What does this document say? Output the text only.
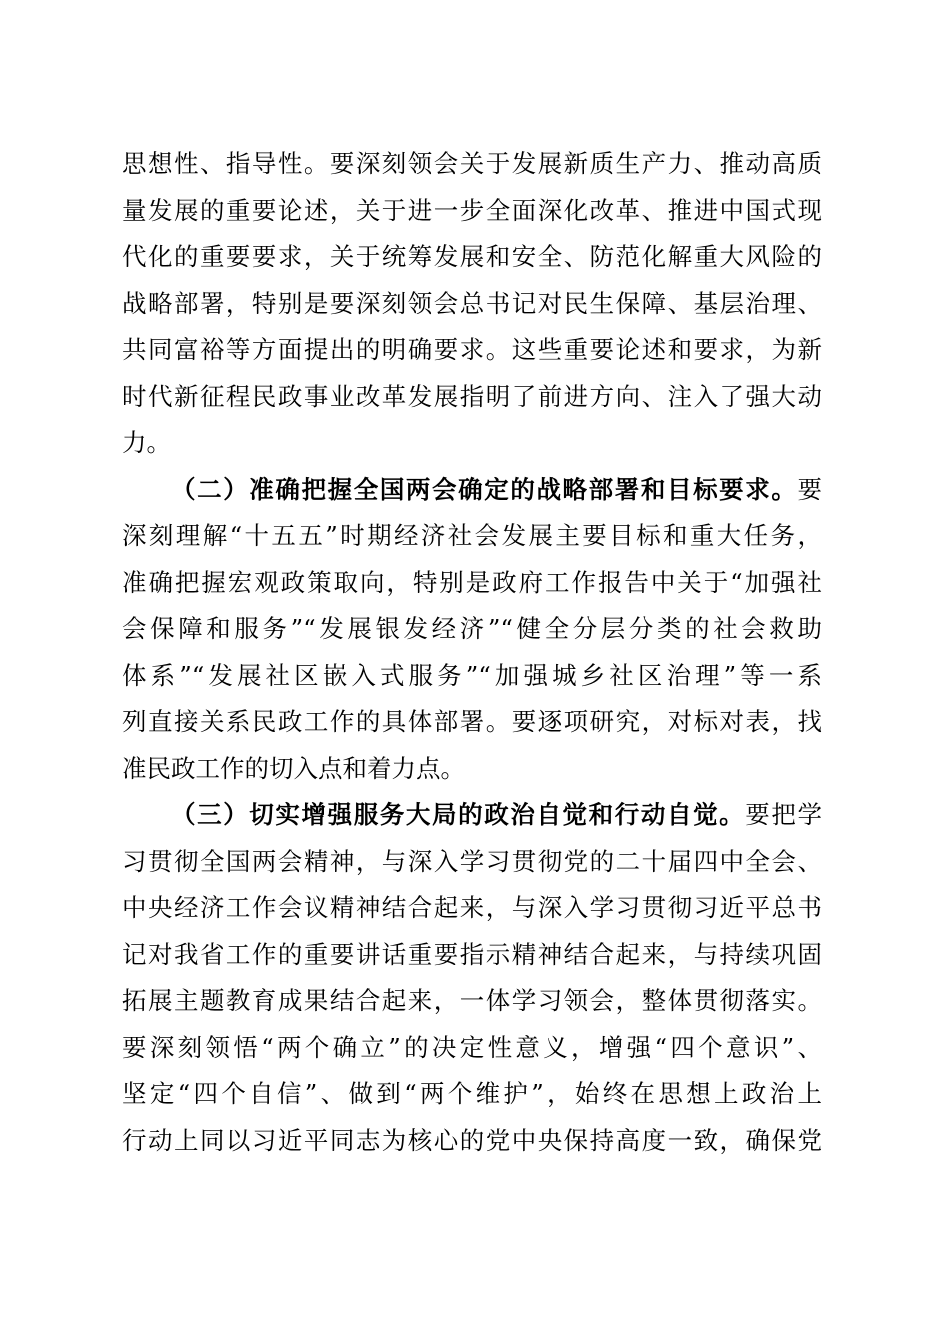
思想性、指导性。要深刻领会关于发展新质生产力、推动高质
量发展的重要论述，关于进一步全面深化改革、推进中国式现
代化的重要要求，关于统筹发展和安全、防范化解重大风险的
战略部署，特别是要深刻领会总书记对民生保障、基层治理、
共同富裕等方面提出的明确要求。这些重要论述和要求，为新
时代新征程民政事业改革发展指明了前进方向、注入了强大动
力。
（二）准确把握全国两会确定的战略部署和目标要求。要
深刻理解“十五五”时期经济社会发展主要目标和重大任务，
准确把握宏观政策取向，特别是政府工作报告中关于“加强社
会保障和服务”“发展银发经济”“健全分层分类的社会救助
体系”“发展社区嵌入式服务”“加强城乡社区治理”等一系
列直接关系民政工作的具体部署。要逐项研究，对标对表，找
准民政工作的切入点和着力点。
（三）切实增强服务大局的政治自觉和行动自觉。要把学
习贯彻全国两会精神，与深入学习贯彻党的二十届四中全会、
中央经济工作会议精神结合起来，与深入学习贯彻习近平总书
记对我省工作的重要讲话重要指示精神结合起来，与持续巩固
拓展主题教育成果结合起来，一体学习领会，整体贯彻落实。
要深刻领悟“两个确立”的决定性意义，增强“四个意识”、
坚定“四个自信”、做到“两个维护”，始终在思想上政治上
行动上同以习近平同志为核心的党中央保持高度一致，确保党
